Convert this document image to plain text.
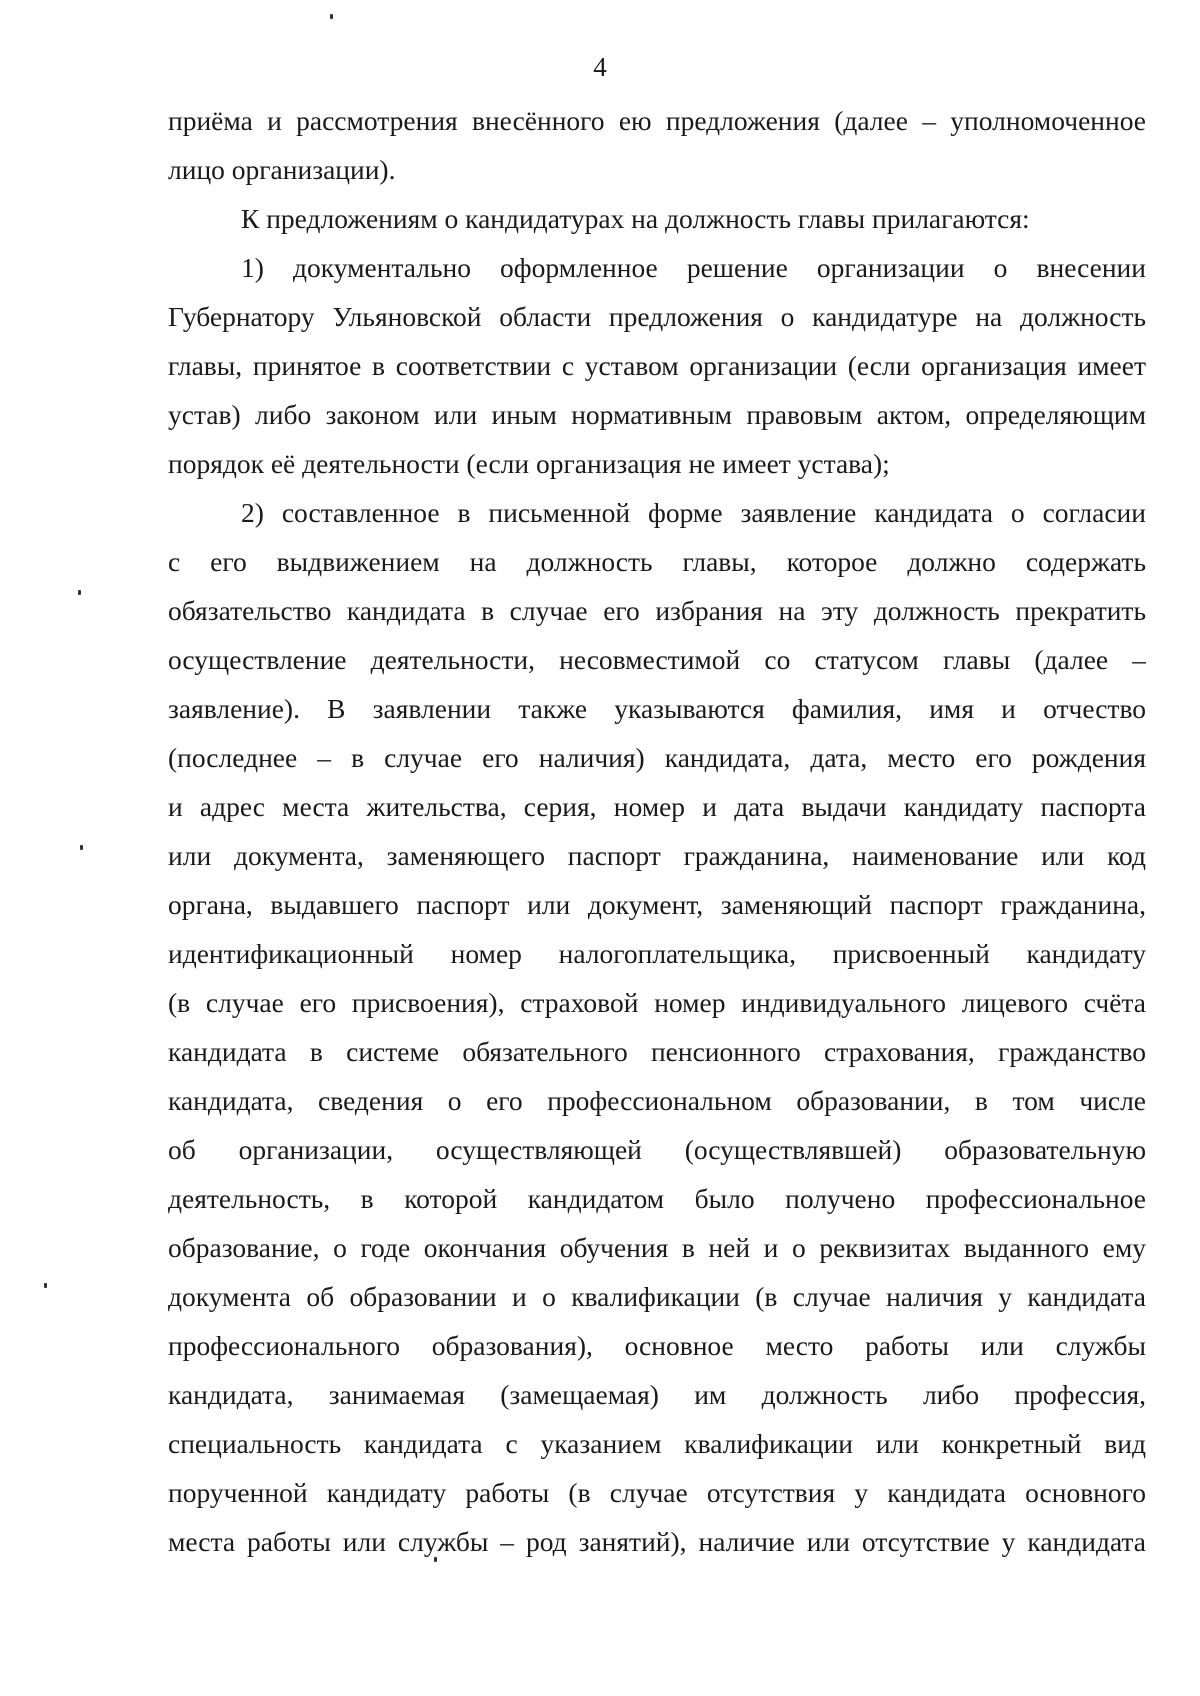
4
приёма и рассмотрения внесённого ею предложения (далее – уполномоченное
лицо организации).
К предложениям о кандидатурах на должность главы прилагаются:
1) документально оформленное решение организации о внесении
Губернатору Ульяновской области предложения о кандидатуре на должность
главы, принятое в соответствии с уставом организации (если организация имеет
устав) либо законом или иным нормативным правовым актом, определяющим
порядок её деятельности (если организация не имеет устава);
2) составленное в письменной форме заявление кандидата о согласии
с его выдвижением на должность главы, которое должно содержать
обязательство кандидата в случае его избрания на эту должность прекратить
осуществление деятельности, несовместимой со статусом главы (далее –
заявление). В заявлении также указываются фамилия, имя и отчество
(последнее – в случае его наличия) кандидата, дата, место его рождения
и адрес места жительства, серия, номер и дата выдачи кандидату паспорта
или документа, заменяющего паспорт гражданина, наименование или код
органа, выдавшего паспорт или документ, заменяющий паспорт гражданина,
идентификационный номер налогоплательщика, присвоенный кандидату
(в случае его присвоения), страховой номер индивидуального лицевого счёта
кандидата в системе обязательного пенсионного страхования, гражданство
кандидата, сведения о его профессиональном образовании, в том числе
об организации, осуществляющей (осуществлявшей) образовательную
деятельность, в которой кандидатом было получено профессиональное
образование, о годе окончания обучения в ней и о реквизитах выданного ему
документа об образовании и о квалификации (в случае наличия у кандидата
профессионального образования), основное место работы или службы
кандидата, занимаемая (замещаемая) им должность либо профессия,
специальность кандидата с указанием квалификации или конкретный вид
порученной кандидату работы (в случае отсутствия у кандидата основного
места работы или службы – род занятий), наличие или отсутствие у кандидата
